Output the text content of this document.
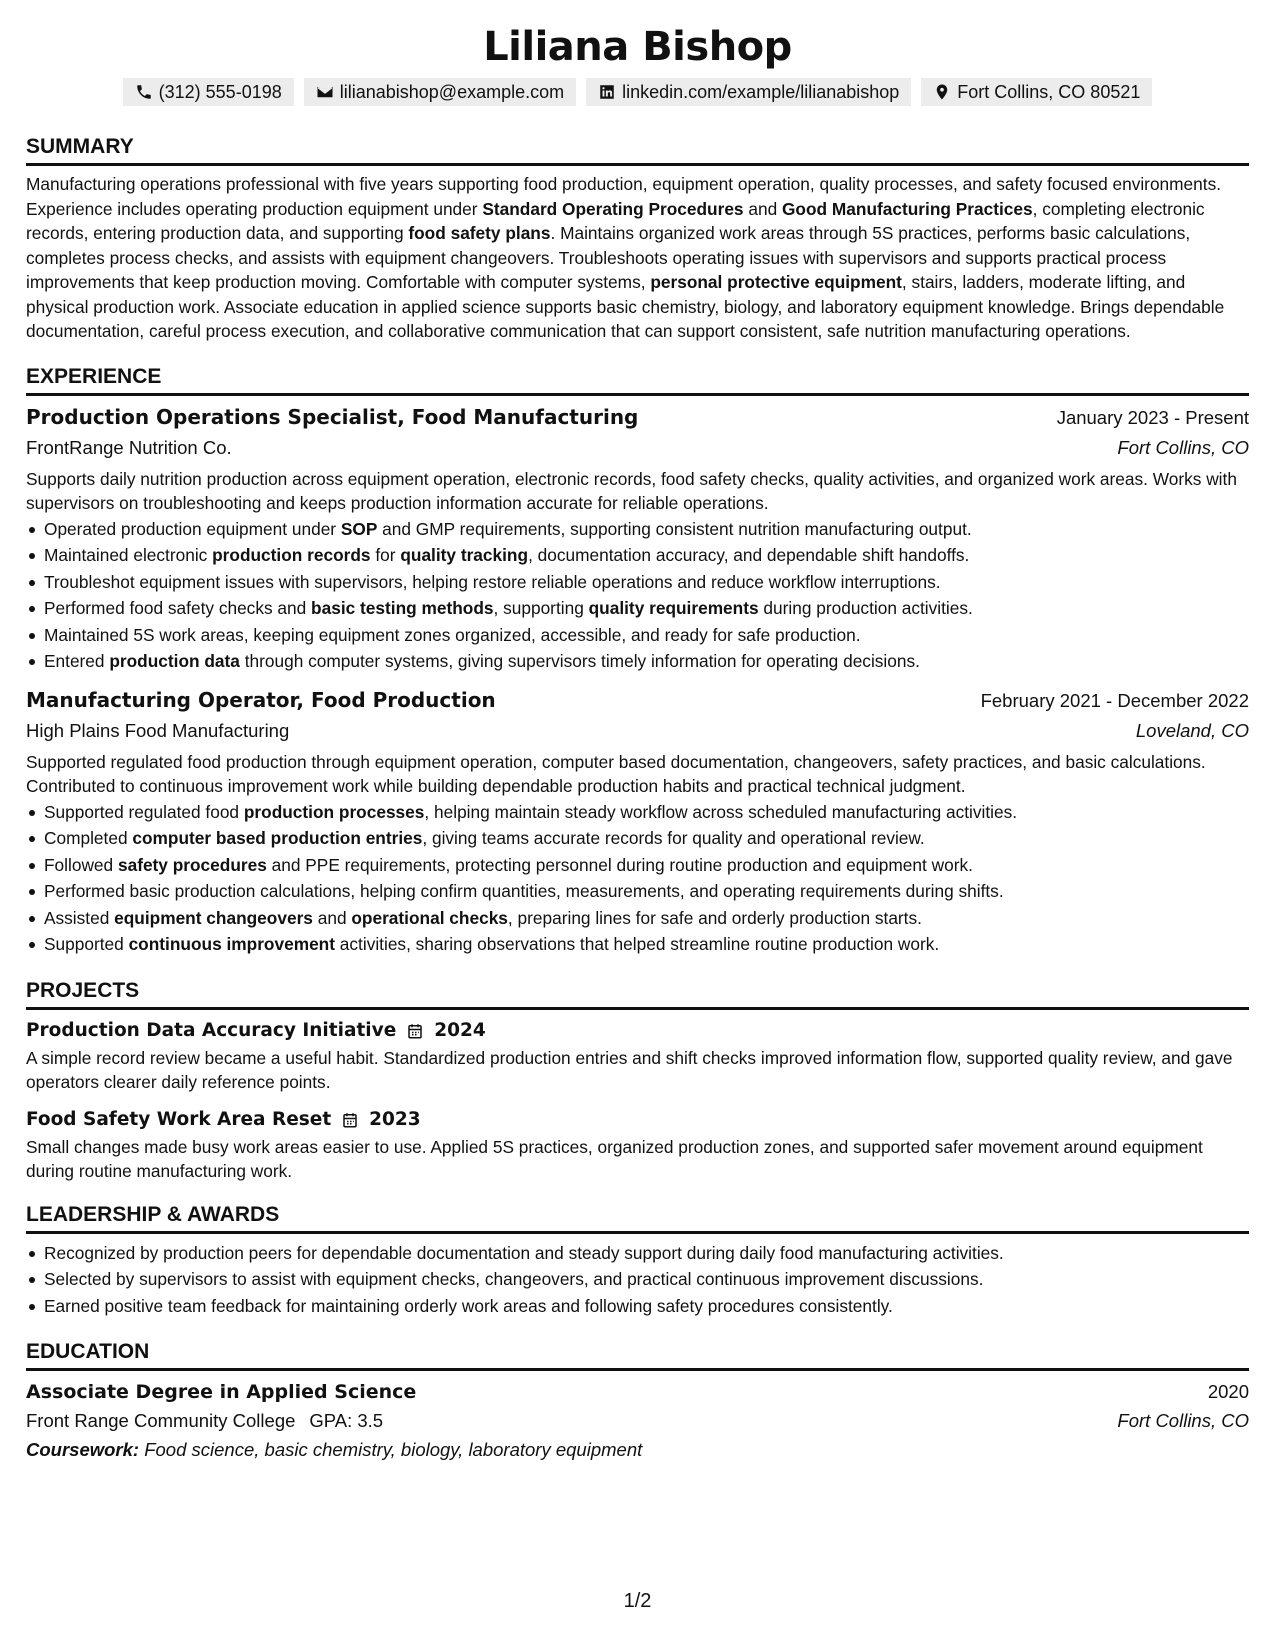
Liliana Bishop
(312) 555-0198	lilianabishop@example.com	linkedin.com/example/lilianabishop	Fort Collins, CO 80521
SUMMARY

Manufacturing operations professional with five years supporting food production, equipment operation, quality processes, and safety focused environments. Experience includes operating production equipment under Standard Operating Procedures and Good Manufacturing Practices, completing electronic records, entering production data, and supporting food safety plans. Maintains organized work areas through 5S practices, performs basic calculations, completes process checks, and assists with equipment changeovers. Troubleshoots operating issues with supervisors and supports practical process improvements that keep production moving. Comfortable with computer systems, personal protective equipment, stairs, ladders, moderate lifting, and physical production work. Associate education in applied science supports basic chemistry, biology, and laboratory equipment knowledge. Brings dependable documentation, careful process execution, and collaborative communication that can support consistent, safe nutrition manufacturing operations.

EXPERIENCE
Production Operations Specialist, Food Manufacturing	January 2023 - Present
FrontRange Nutrition Co.	Fort Collins, CO

Supports daily nutrition production across equipment operation, electronic records, food safety checks, quality activities, and organized work areas. Works with supervisors on troubleshooting and keeps production information accurate for reliable operations.

Operated production equipment under SOP and GMP requirements, supporting consistent nutrition manufacturing output.
Maintained electronic production records for quality tracking, documentation accuracy, and dependable shift handoffs.
Troubleshot equipment issues with supervisors, helping restore reliable operations and reduce workflow interruptions.
Performed food safety checks and basic testing methods, supporting quality requirements during production activities.
Maintained 5S work areas, keeping equipment zones organized, accessible, and ready for safe production.
Entered production data through computer systems, giving supervisors timely information for operating decisions.
Manufacturing Operator, Food Production	February 2021 - December 2022
High Plains Food Manufacturing	Loveland, CO

Supported regulated food production through equipment operation, computer based documentation, changeovers, safety practices, and basic calculations. Contributed to continuous improvement work while building dependable production habits and practical technical judgment.

Supported regulated food production processes, helping maintain steady workflow across scheduled manufacturing activities.
Completed computer based production entries, giving teams accurate records for quality and operational review.
Followed safety procedures and PPE requirements, protecting personnel during routine production and equipment work.
Performed basic production calculations, helping confirm quantities, measurements, and operating requirements during shifts.
Assisted equipment changeovers and operational checks, preparing lines for safe and orderly production starts.
Supported continuous improvement activities, sharing observations that helped streamline routine production work.
PROJECTS
Production Data Accuracy Initiative 2024

A simple record review became a useful habit. Standardized production entries and shift checks improved information flow, supported quality review, and gave operators clearer daily reference points.

Food Safety Work Area Reset 2023

Small changes made busy work areas easier to use. Applied 5S practices, organized production zones, and supported safer movement around equipment during routine manufacturing work.

LEADERSHIP & AWARDS
Recognized by production peers for dependable documentation and steady support during daily food manufacturing activities.
Selected by supervisors to assist with equipment checks, changeovers, and practical continuous improvement discussions.
Earned positive team feedback for maintaining orderly work areas and following safety procedures consistently.
EDUCATION
Associate Degree in Applied Science	2020
Front Range Community College GPA: 3.5	Fort Collins, CO
Coursework: Food science, basic chemistry, biology, laboratory equipment
1/2
